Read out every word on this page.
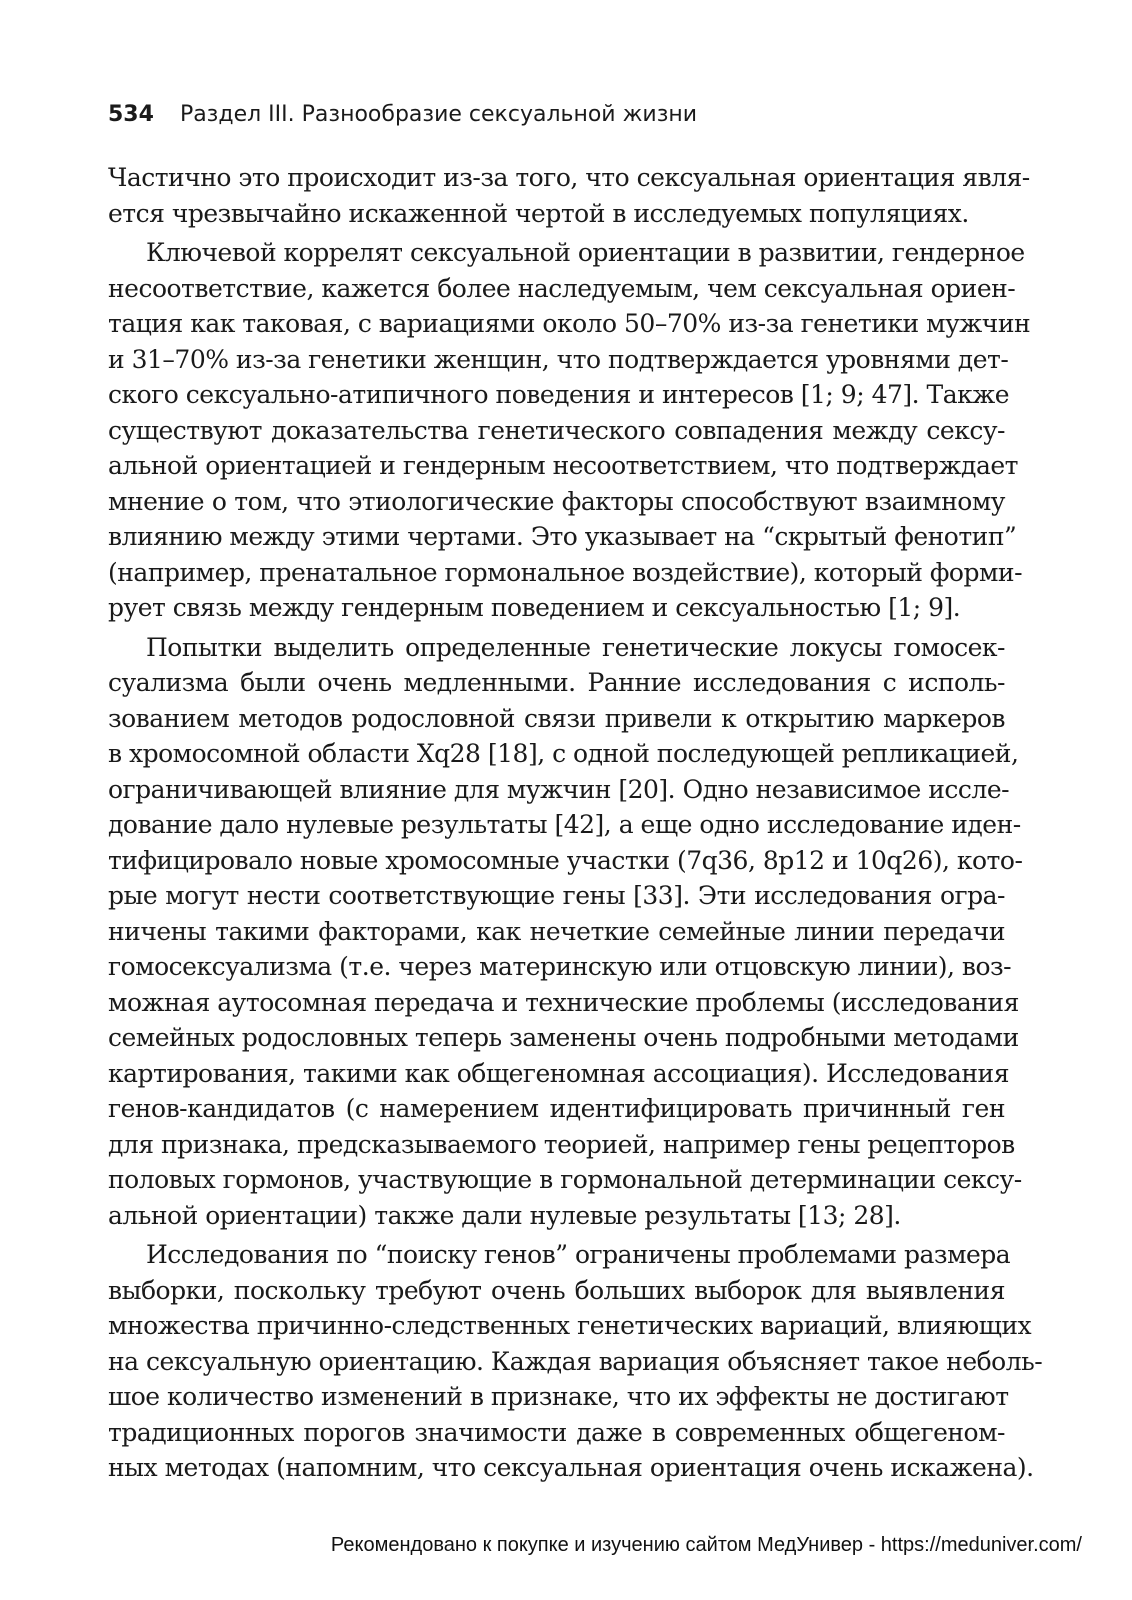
534 Раздел III. Разнообразие сексуальной жизни
Частично это происходит из-за того, что сексуальная ориентация явля-
ется чрезвычайно искаженной чертой в исследуемых популяциях.
Ключевой коррелят сексуальной ориентации в развитии, гендерное
несоответствие, кажется более наследуемым, чем сексуальная ориен-
тация как таковая, с вариациями около 50–70% из-за генетики мужчин
и 31–70% из-за генетики женщин, что подтверждается уровнями дет-
ского сексуально-атипичного поведения и интересов [1; 9; 47]. Также
существуют доказательства генетического совпадения между сексу-
альной ориентацией и гендерным несоответствием, что подтверждает
мнение о том, что этиологические факторы способствуют взаимному
влиянию между этими чертами. Это указывает на “скрытый фенотип”
(например, пренатальное гормональное воздействие), который форми-
рует связь между гендерным поведением и сексуальностью [1; 9].
Попытки выделить определенные генетические локусы гомосек-
суализма были очень медленными. Ранние исследования с исполь-
зованием методов родословной связи привели к открытию маркеров
в хромосомной области Xq28 [18], с одной последующей репликацией,
ограничивающей влияние для мужчин [20]. Одно независимое иссле-
дование дало нулевые результаты [42], а еще одно исследование иден-
тифицировало новые хромосомные участки (7q36, 8p12 и 10q26), кото-
рые могут нести соответствующие гены [33]. Эти исследования огра-
ничены такими факторами, как нечеткие семейные линии передачи
гомосексуализма (т.е. через материнскую или отцовскую линии), воз-
можная аутосомная передача и технические проблемы (исследования
семейных родословных теперь заменены очень подробными методами
картирования, такими как общегеномная ассоциация). Исследования
генов-кандидатов (с намерением идентифицировать причинный ген
для признака, предсказываемого теорией, например гены рецепторов
половых гормонов, участвующие в гормональной детерминации сексу-
альной ориентации) также дали нулевые результаты [13; 28].
Исследования по “поиску генов” ограничены проблемами размера
выборки, поскольку требуют очень больших выборок для выявления
множества причинно-следственных генетических вариаций, влияющих
на сексуальную ориентацию. Каждая вариация объясняет такое неболь-
шое количество изменений в признаке, что их эффекты не достигают
традиционных порогов значимости даже в современных общегеном-
ных методах (напомним, что сексуальная ориентация очень искажена).
Рекомендовано к покупке и изучению сайтом МедУнивер - https://meduniver.com/
